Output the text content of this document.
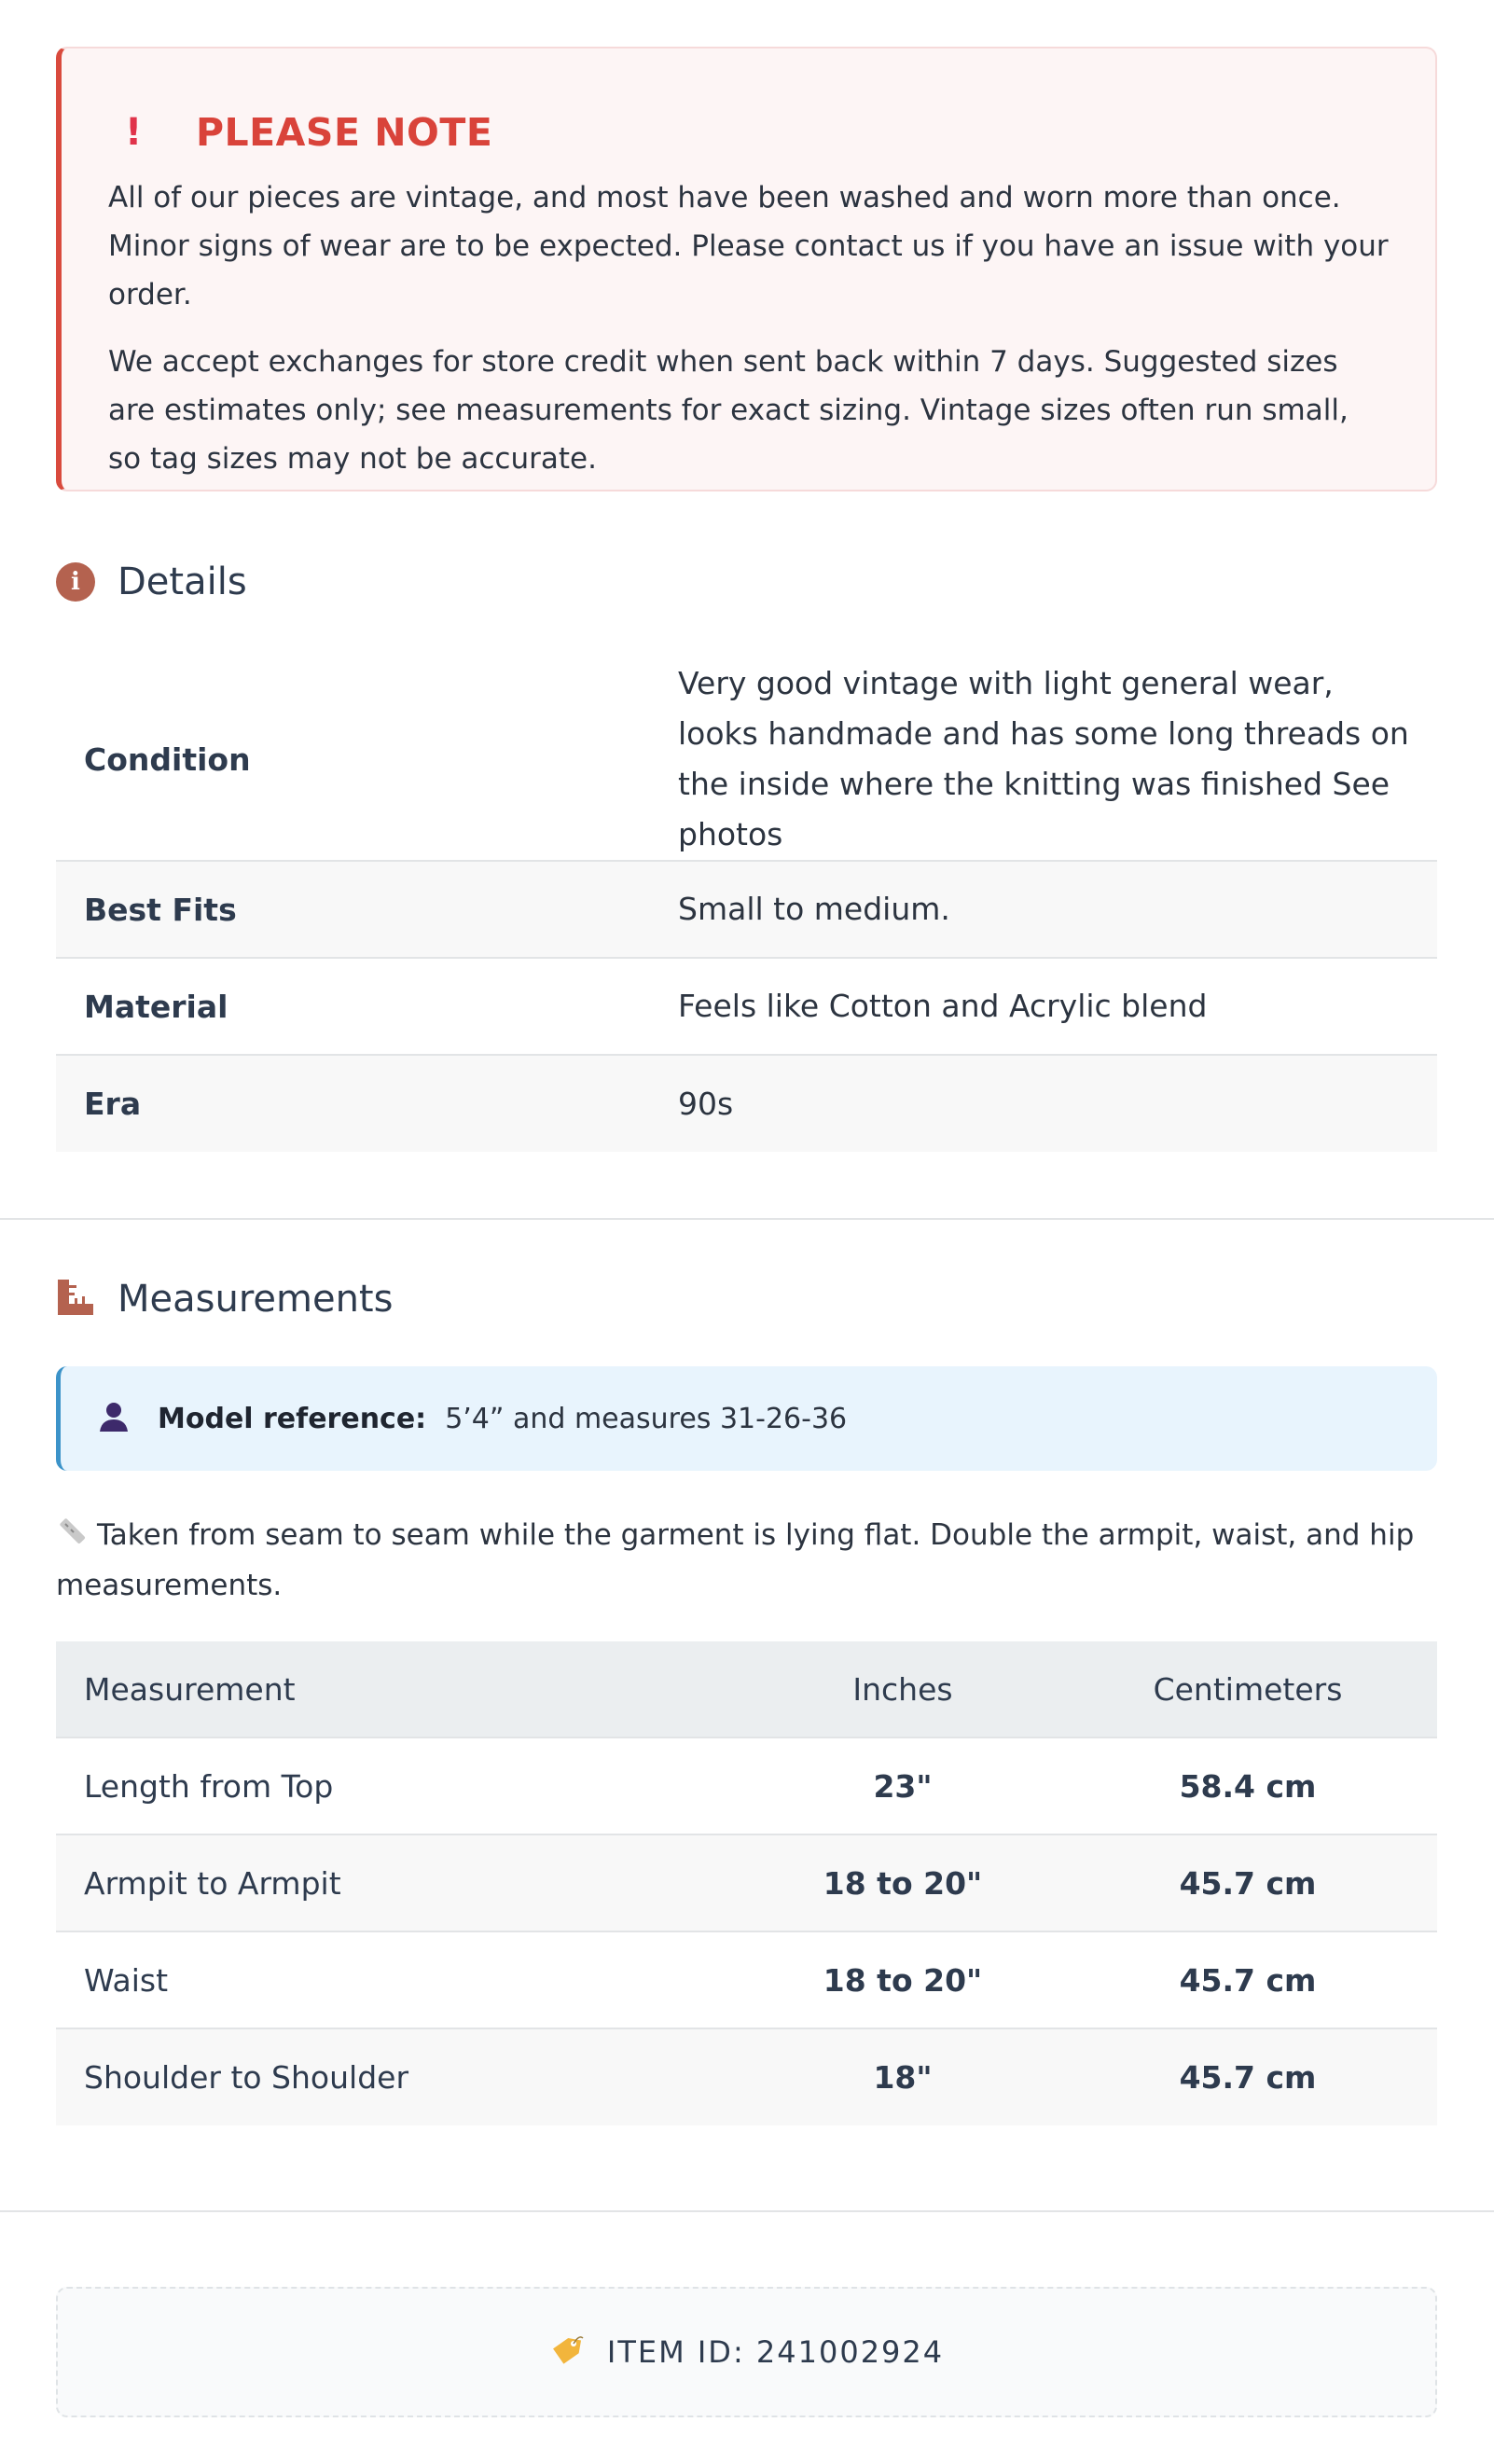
!	PLEASE NOTE

All of our pieces are vintage, and most have been washed and worn more than once. Minor signs of wear are to be expected. Please contact us if you have an issue with your order.

We accept exchanges for store credit when sent back within 7 days. Suggested sizes are estimates only; see measurements for exact sizing. Vintage sizes often run small, so tag sizes may not be accurate.

i	Details
Condition	Very good vintage with light general wear, looks handmade and has some long threads on the inside where the knitting was finished See photos
Best Fits	Small to medium.
Material	Feels like Cotton and Acrylic blend
Era	90s
Measurements
Model reference: 5’4” and measures 31-26-36
Taken from seam to seam while the garment is lying flat. Double the armpit, waist, and hip measurements.
Measurement	Inches	Centimeters
Length from Top	23"	58.4 cm
Armpit to Armpit	18 to 20"	45.7 cm
Waist	18 to 20"	45.7 cm
Shoulder to Shoulder	18"	45.7 cm
ITEM ID: 241002924
